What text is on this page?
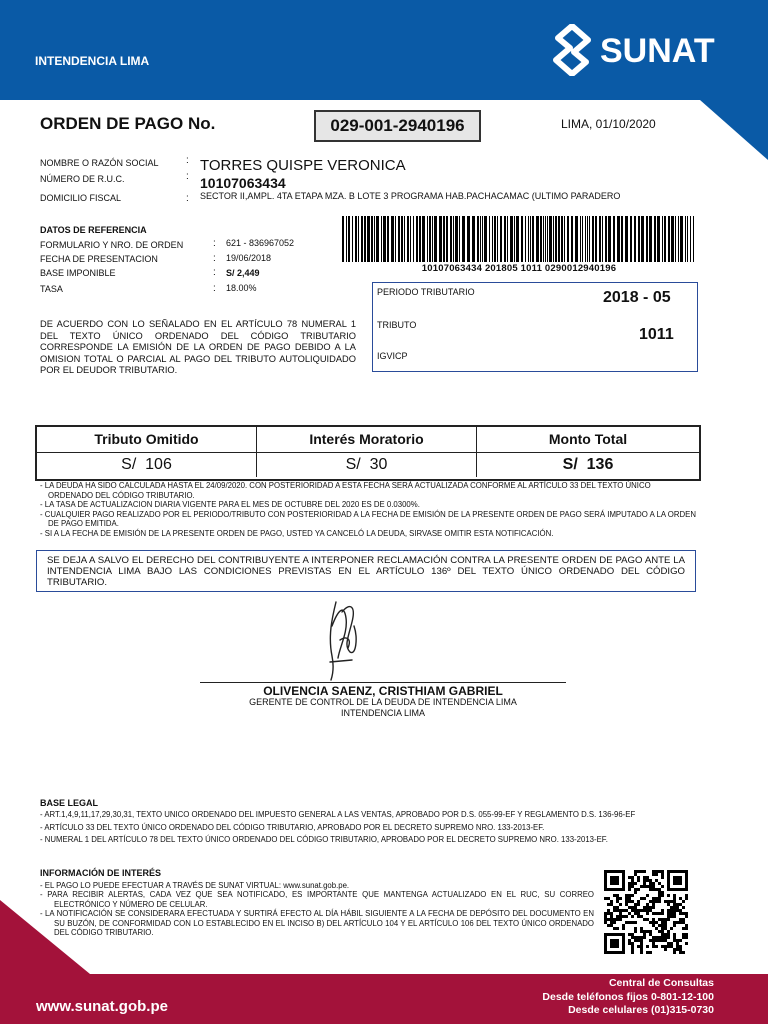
INTENDENCIA LIMA	SUNAT
ORDEN DE PAGO No.	029-001-2940196	LIMA, 01/10/2020
NOMBRE O RAZÓN SOCIAL	: TORRES QUISPE VERONICA
NÚMERO DE R.U.C.	: 10107063434
DOMICILIO FISCAL	: SECTOR II,AMPL. 4TA ETAPA MZA. B LOTE 3 PROGRAMA HAB.PACHACAMAC (ULTIMO PARADERO
DATOS DE REFERENCIA
FORMULARIO Y NRO. DE ORDEN	: 621 - 836967052
FECHA DE PRESENTACION	: 19/06/2018
BASE IMPONIBLE	: S/ 2,449
TASA	: 18.00%
10107063434 201805 1011 0290012940196
PERIODO TRIBUTARIO	2018 - 05
TRIBUTO
1011
IGVICP
DE ACUERDO CON LO SEÑALADO EN EL ARTÍCULO 78 NUMERAL 1 DEL TEXTO ÚNICO ORDENADO DEL CÓDIGO TRIBUTARIO CORRESPONDE LA EMISIÓN DE LA ORDEN DE PAGO DEBIDO A LA OMISION TOTAL O PARCIAL AL PAGO DEL TRIBUTO AUTOLIQUIDADO POR EL DEUDOR TRIBUTARIO.
Tributo Omitido	Interés Moratorio	Monto Total
S/  106	S/  30	S/  136
- LA DEUDA HA SIDO CALCULADA HASTA EL 24/09/2020. CON POSTERIORIDAD A ESTA FECHA SERÁ ACTUALIZADA CONFORME AL ARTÍCULO 33 DEL TEXTO ÚNICO ORDENADO DEL CÓDIGO TRIBUTARIO.
- LA TASA DE ACTUALIZACION DIARIA VIGENTE PARA EL MES DE OCTUBRE DEL 2020 ES DE 0.0300%.
- CUALQUIER PAGO REALIZADO POR EL PERIODO/TRIBUTO CON POSTERIORIDAD A LA FECHA DE EMISIÓN DE LA PRESENTE ORDEN DE PAGO SERÁ IMPUTADO A LA ORDEN DE PAGO EMITIDA.
- SI A LA FECHA DE EMISIÓN DE LA PRESENTE ORDEN DE PAGO, USTED YA CANCELÓ LA DEUDA, SIRVASE OMITIR ESTA NOTIFICACIÓN.
SE DEJA A SALVO EL DERECHO DEL CONTRIBUYENTE A INTERPONER RECLAMACIÓN CONTRA LA PRESENTE ORDEN DE PAGO ANTE LA INTENDENCIA LIMA BAJO LAS CONDICIONES PREVISTAS EN EL ARTÍCULO 136º DEL TEXTO ÚNICO ORDENADO DEL CÓDIGO TRIBUTARIO.
OLIVENCIA SAENZ, CRISTHIAM GABRIEL
GERENTE DE CONTROL DE LA DEUDA DE INTENDENCIA LIMA
INTENDENCIA LIMA
BASE LEGAL
- ART.1,4,9,11,17,29,30,31, TEXTO UNICO ORDENADO DEL IMPUESTO GENERAL A LAS VENTAS, APROBADO POR D.S. 055-99-EF Y REGLAMENTO D.S. 136-96-EF
- ARTÍCULO 33 DEL TEXTO ÚNICO ORDENADO DEL CÓDIGO TRIBUTARIO, APROBADO POR EL DECRETO SUPREMO NRO. 133-2013-EF.
- NUMERAL 1 DEL ARTÍCULO 78 DEL TEXTO ÚNICO ORDENADO DEL CÓDIGO TRIBUTARIO, APROBADO POR EL DECRETO SUPREMO NRO. 133-2013-EF.
INFORMACIÓN DE INTERÉS
- EL PAGO LO PUEDE EFECTUAR A TRAVÉS DE SUNAT VIRTUAL: www.sunat.gob.pe.
- PARA RECIBIR ALERTAS, CADA VEZ QUE SEA NOTIFICADO, ES IMPORTANTE QUE MANTENGA ACTUALIZADO EN EL RUC, SU CORREO ELECTRÓNICO Y NÚMERO DE CELULAR.
- LA NOTIFICACIÓN SE CONSIDERARA EFECTUADA Y SURTIRÁ EFECTO AL DÍA HÁBIL SIGUIENTE A LA FECHA DE DEPÓSITO DEL DOCUMENTO EN SU BUZÓN, DE CONFORMIDAD CON LO ESTABLECIDO EN EL INCISO B) DEL ARTÍCULO 104 Y EL ARTÍCULO 106 DEL TEXTO ÚNICO ORDENADO DEL CÓDIGO TRIBUTARIO.
www.sunat.gob.pe
Central de Consultas
Desde teléfonos fijos 0-801-12-100
Desde celulares (01)315-0730
